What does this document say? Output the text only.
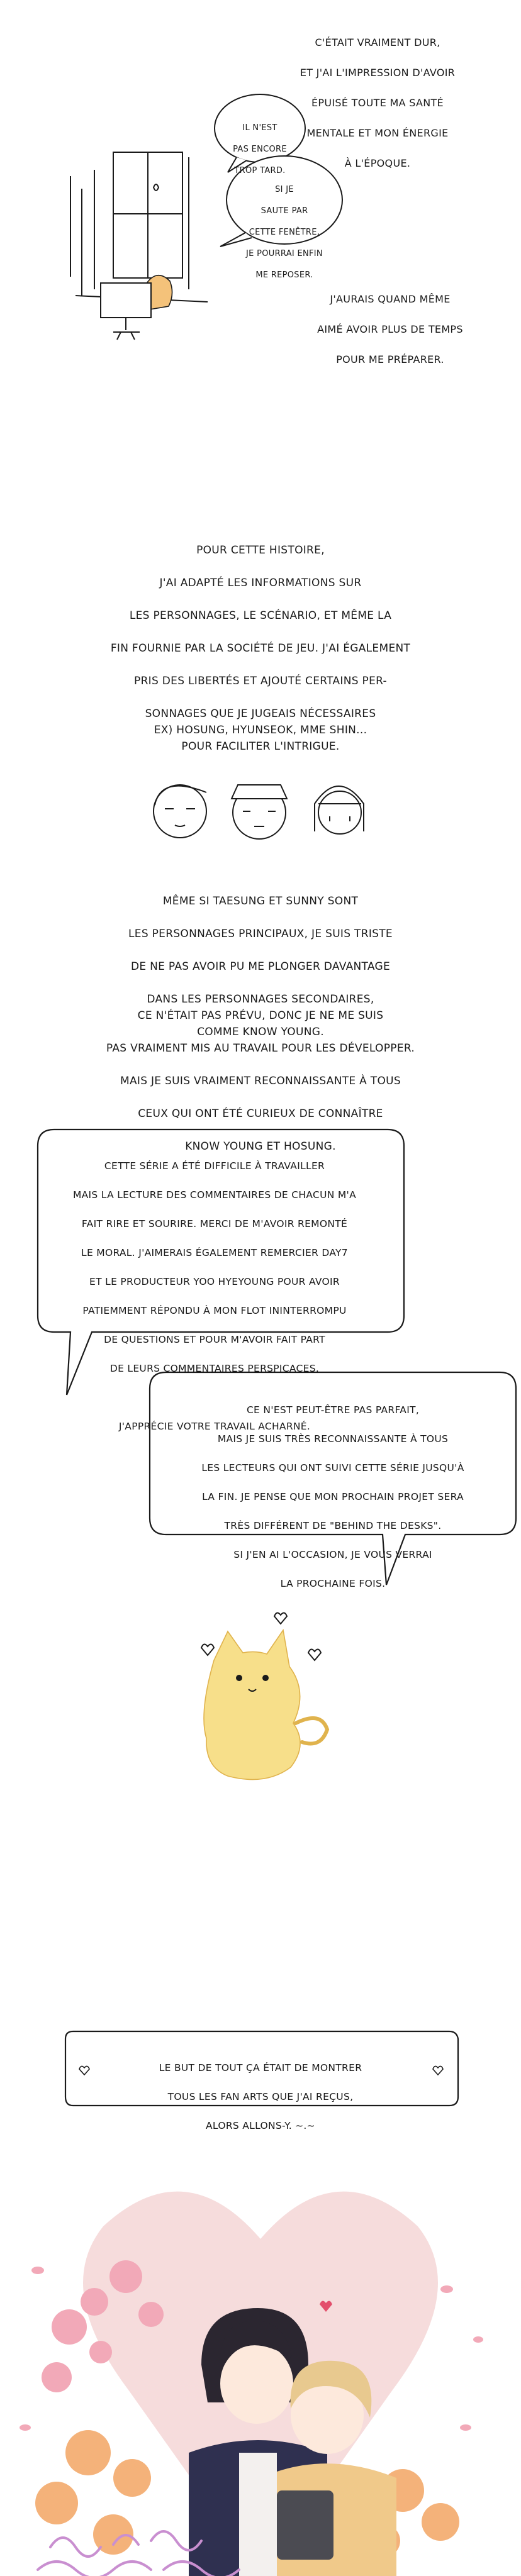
C'ÉTAIT VRAIMENT DUR,

ET J'AI L'IMPRESSION D'AVOIR

ÉPUISÉ TOUTE MA SANTÉ

MENTALE ET MON ÉNERGIE

À L'ÉPOQUE.

IL N'EST

PAS ENCORE

TROP TARD.

SI JE

SAUTE PAR

CETTE FENÊTRE,

JE POURRAI ENFIN

ME REPOSER.

J'AURAIS QUAND MÊME

AIMÉ AVOIR PLUS DE TEMPS

POUR ME PRÉPARER.

POUR CETTE HISTOIRE,

J'AI ADAPTÉ LES INFORMATIONS SUR

LES PERSONNAGES, LE SCÉNARIO, ET MÊME LA

FIN FOURNIE PAR LA SOCIÉTÉ DE JEU. J'AI ÉGALEMENT

PRIS DES LIBERTÉS ET AJOUTÉ CERTAINS PER-

SONNAGES QUE JE JUGEAIS NÉCESSAIRES

POUR FACILITER L'INTRIGUE.

EX) HOSUNG, HYUNSEOK, MME SHIN...

MÊME SI TAESUNG ET SUNNY SONT

LES PERSONNAGES PRINCIPAUX, JE SUIS TRISTE

DE NE PAS AVOIR PU ME PLONGER DAVANTAGE

DANS LES PERSONNAGES SECONDAIRES,

COMME KNOW YOUNG.

CE N'ÉTAIT PAS PRÉVU, DONC JE NE ME SUIS

PAS VRAIMENT MIS AU TRAVAIL POUR LES DÉVELOPPER.

MAIS JE SUIS VRAIMENT RECONNAISSANTE À TOUS

CEUX QUI ONT ÉTÉ CURIEUX DE CONNAÎTRE

KNOW YOUNG ET HOSUNG.

CETTE SÉRIE A ÉTÉ DIFFICILE À TRAVAILLER

MAIS LA LECTURE DES COMMENTAIRES DE CHACUN M'A

FAIT RIRE ET SOURIRE. MERCI DE M'AVOIR REMONTÉ

LE MORAL. J'AIMERAIS ÉGALEMENT REMERCIER DAY7

ET LE PRODUCTEUR YOO HYEYOUNG POUR AVOIR

PATIEMMENT RÉPONDU À MON FLOT ININTERROMPU

DE QUESTIONS ET POUR M'AVOIR FAIT PART

DE LEURS COMMENTAIRES PERSPICACES.

J'APPRÉCIE VOTRE TRAVAIL ACHARNÉ.

CE N'EST PEUT-ÊTRE PAS PARFAIT,

MAIS JE SUIS TRÈS RECONNAISSANTE À TOUS

LES LECTEURS QUI ONT SUIVI CETTE SÉRIE JUSQU'À

LA FIN. JE PENSE QUE MON PROCHAIN PROJET SERA

TRÈS DIFFÉRENT DE "BEHIND THE DESKS".

SI J'EN AI L'OCCASION, JE VOUS VERRAI

LA PROCHAINE FOIS.

LE BUT DE TOUT ÇA ÉTAIT DE MONTRER

TOUS LES FAN ARTS QUE J'AI REÇUS,

ALORS ALLONS-Y. ~.~
